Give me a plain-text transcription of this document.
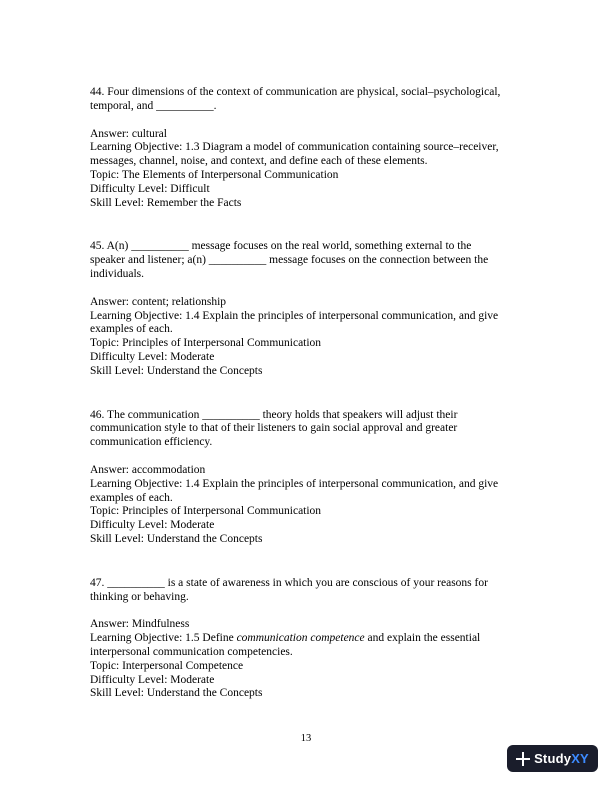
44. Four dimensions of the context of communication are physical, social–psychological,
temporal, and __________.
Answer: cultural
Learning Objective: 1.3 Diagram a model of communication containing source–receiver,
messages, channel, noise, and context, and define each of these elements.
Topic: The Elements of Interpersonal Communication
Difficulty Level: Difficult
Skill Level: Remember the Facts
45. A(n) __________ message focuses on the real world, something external to the
speaker and listener; a(n) __________ message focuses on the connection between the
individuals.
Answer: content; relationship
Learning Objective: 1.4 Explain the principles of interpersonal communication, and give
examples of each.
Topic: Principles of Interpersonal Communication
Difficulty Level: Moderate
Skill Level: Understand the Concepts
46. The communication __________ theory holds that speakers will adjust their
communication style to that of their listeners to gain social approval and greater
communication efficiency.
Answer: accommodation
Learning Objective: 1.4 Explain the principles of interpersonal communication, and give
examples of each.
Topic: Principles of Interpersonal Communication
Difficulty Level: Moderate
Skill Level: Understand the Concepts
47. __________ is a state of awareness in which you are conscious of your reasons for
thinking or behaving.
Answer: Mindfulness
Learning Objective: 1.5 Define communication competence and explain the essential
interpersonal communication competencies.
Topic: Interpersonal Competence
Difficulty Level: Moderate
Skill Level: Understand the Concepts
13
StudyXY
